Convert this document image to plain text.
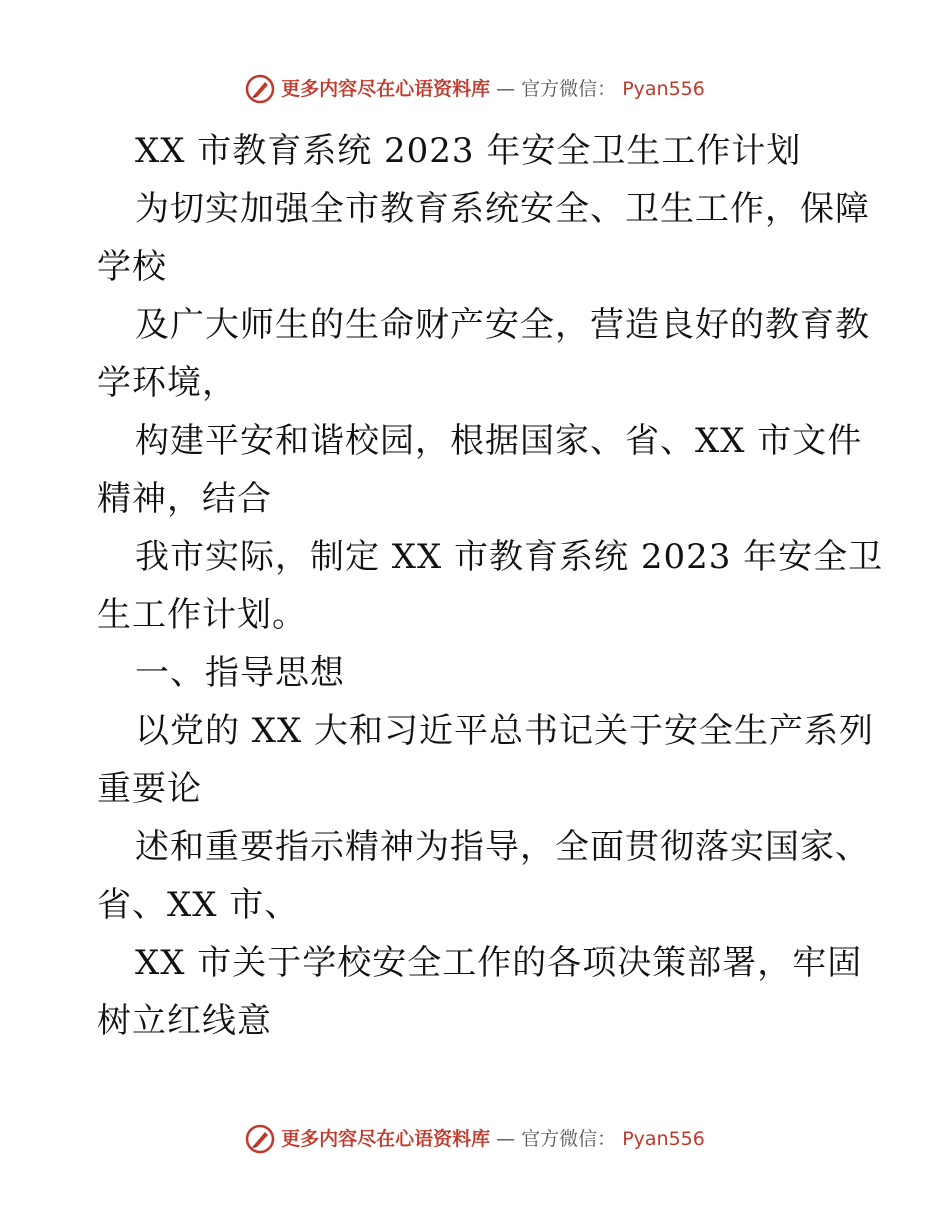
更多内容尽在心语资料库 — 官方微信： Pyan556
XX 市教育系统 2023 年安全卫生工作计划
为切实加强全市教育系统安全、卫生工作，保障
学校
及广大师生的生命财产安全，营造良好的教育教
学环境，
构建平安和谐校园，根据国家、省、XX 市文件
精神，结合
我市实际，制定 XX 市教育系统 2023 年安全卫
生工作计划。
一、指导思想
以党的 XX 大和习近平总书记关于安全生产系列
重要论
述和重要指示精神为指导，全面贯彻落实国家、
省、XX 市、
XX 市关于学校安全工作的各项决策部署，牢固
树立红线意
更多内容尽在心语资料库 — 官方微信： Pyan556
